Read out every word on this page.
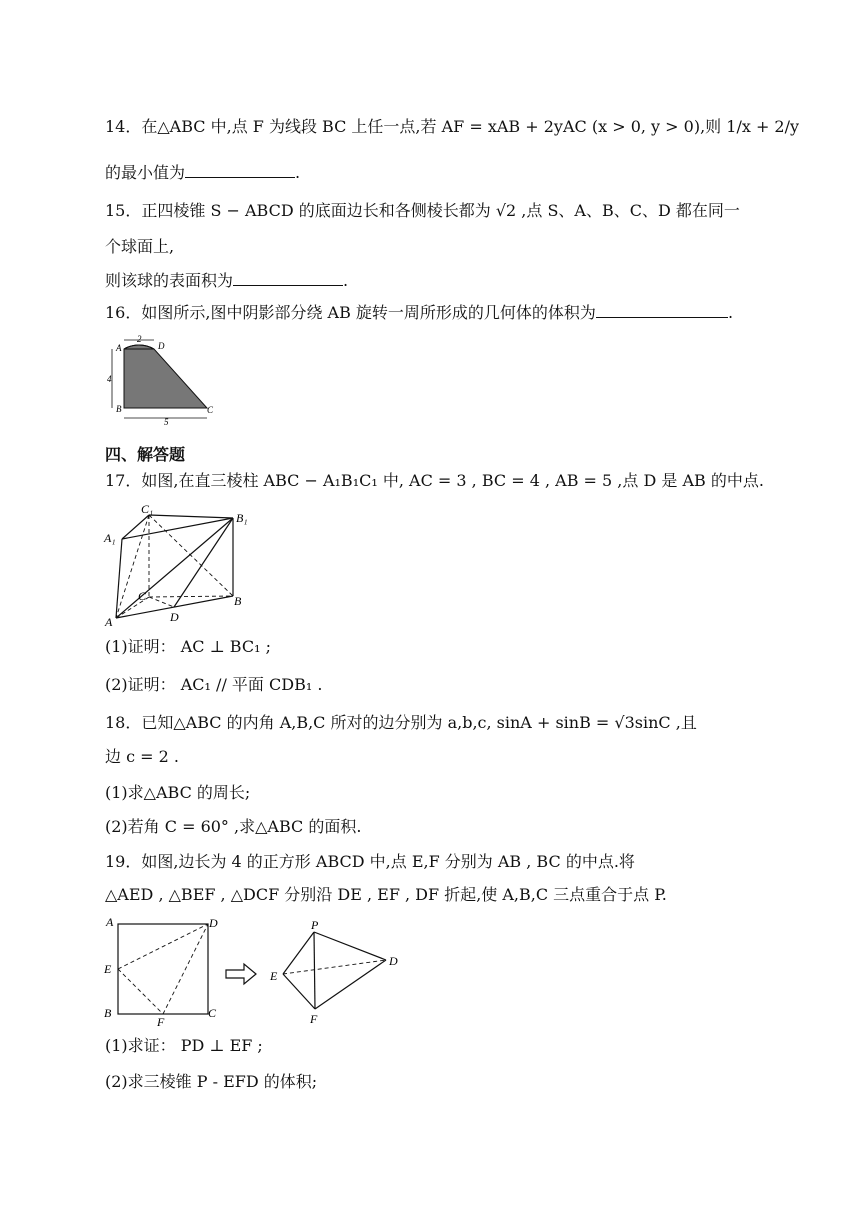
14．在△ABC 中,点 F 为线段 BC 上任一点,若 AF = xAB + 2yAC (x > 0, y > 0),则 1/x + 2/y
的最小值为	.
15．正四棱锥 S − ABCD 的底面边长和各侧棱长都为 √2 ,点 S、A、B、C、D 都在同一
个球面上,
则该球的表面积为	.
16．如图所示,图中阴影部分绕 AB 旋转一周所形成的几何体的体积为	.
2
4
5
A
B	C
D
四、解答题
17．如图,在直三棱柱 ABC − A₁B₁C₁ 中, AC = 3 , BC = 4 , AB = 5 ,点 D 是 AB 的中点.
A₁
C₁
B₁
C	B
A	D
(1)证明： AC ⊥ BC₁ ;
(2)证明： AC₁ // 平面 CDB₁ .
18．已知△ABC 的内角 A,B,C 所对的边分别为 a,b,c, sinA + sinB = √3sinC ,且
边 c = 2 .
(1)求△ABC 的周长;
(2)若角 C = 60° ,求△ABC 的面积.
19．如图,边长为 4 的正方形 ABCD 中,点 E,F 分别为 AB , BC 的中点.将
△AED , △BEF , △DCF 分别沿 DE , EF , DF 折起,使 A,B,C 三点重合于点 P.
A	D
E
B
F
C
P
E
D
F
(1)求证： PD ⊥ EF ;
(2)求三棱锥 P - EFD 的体积;
